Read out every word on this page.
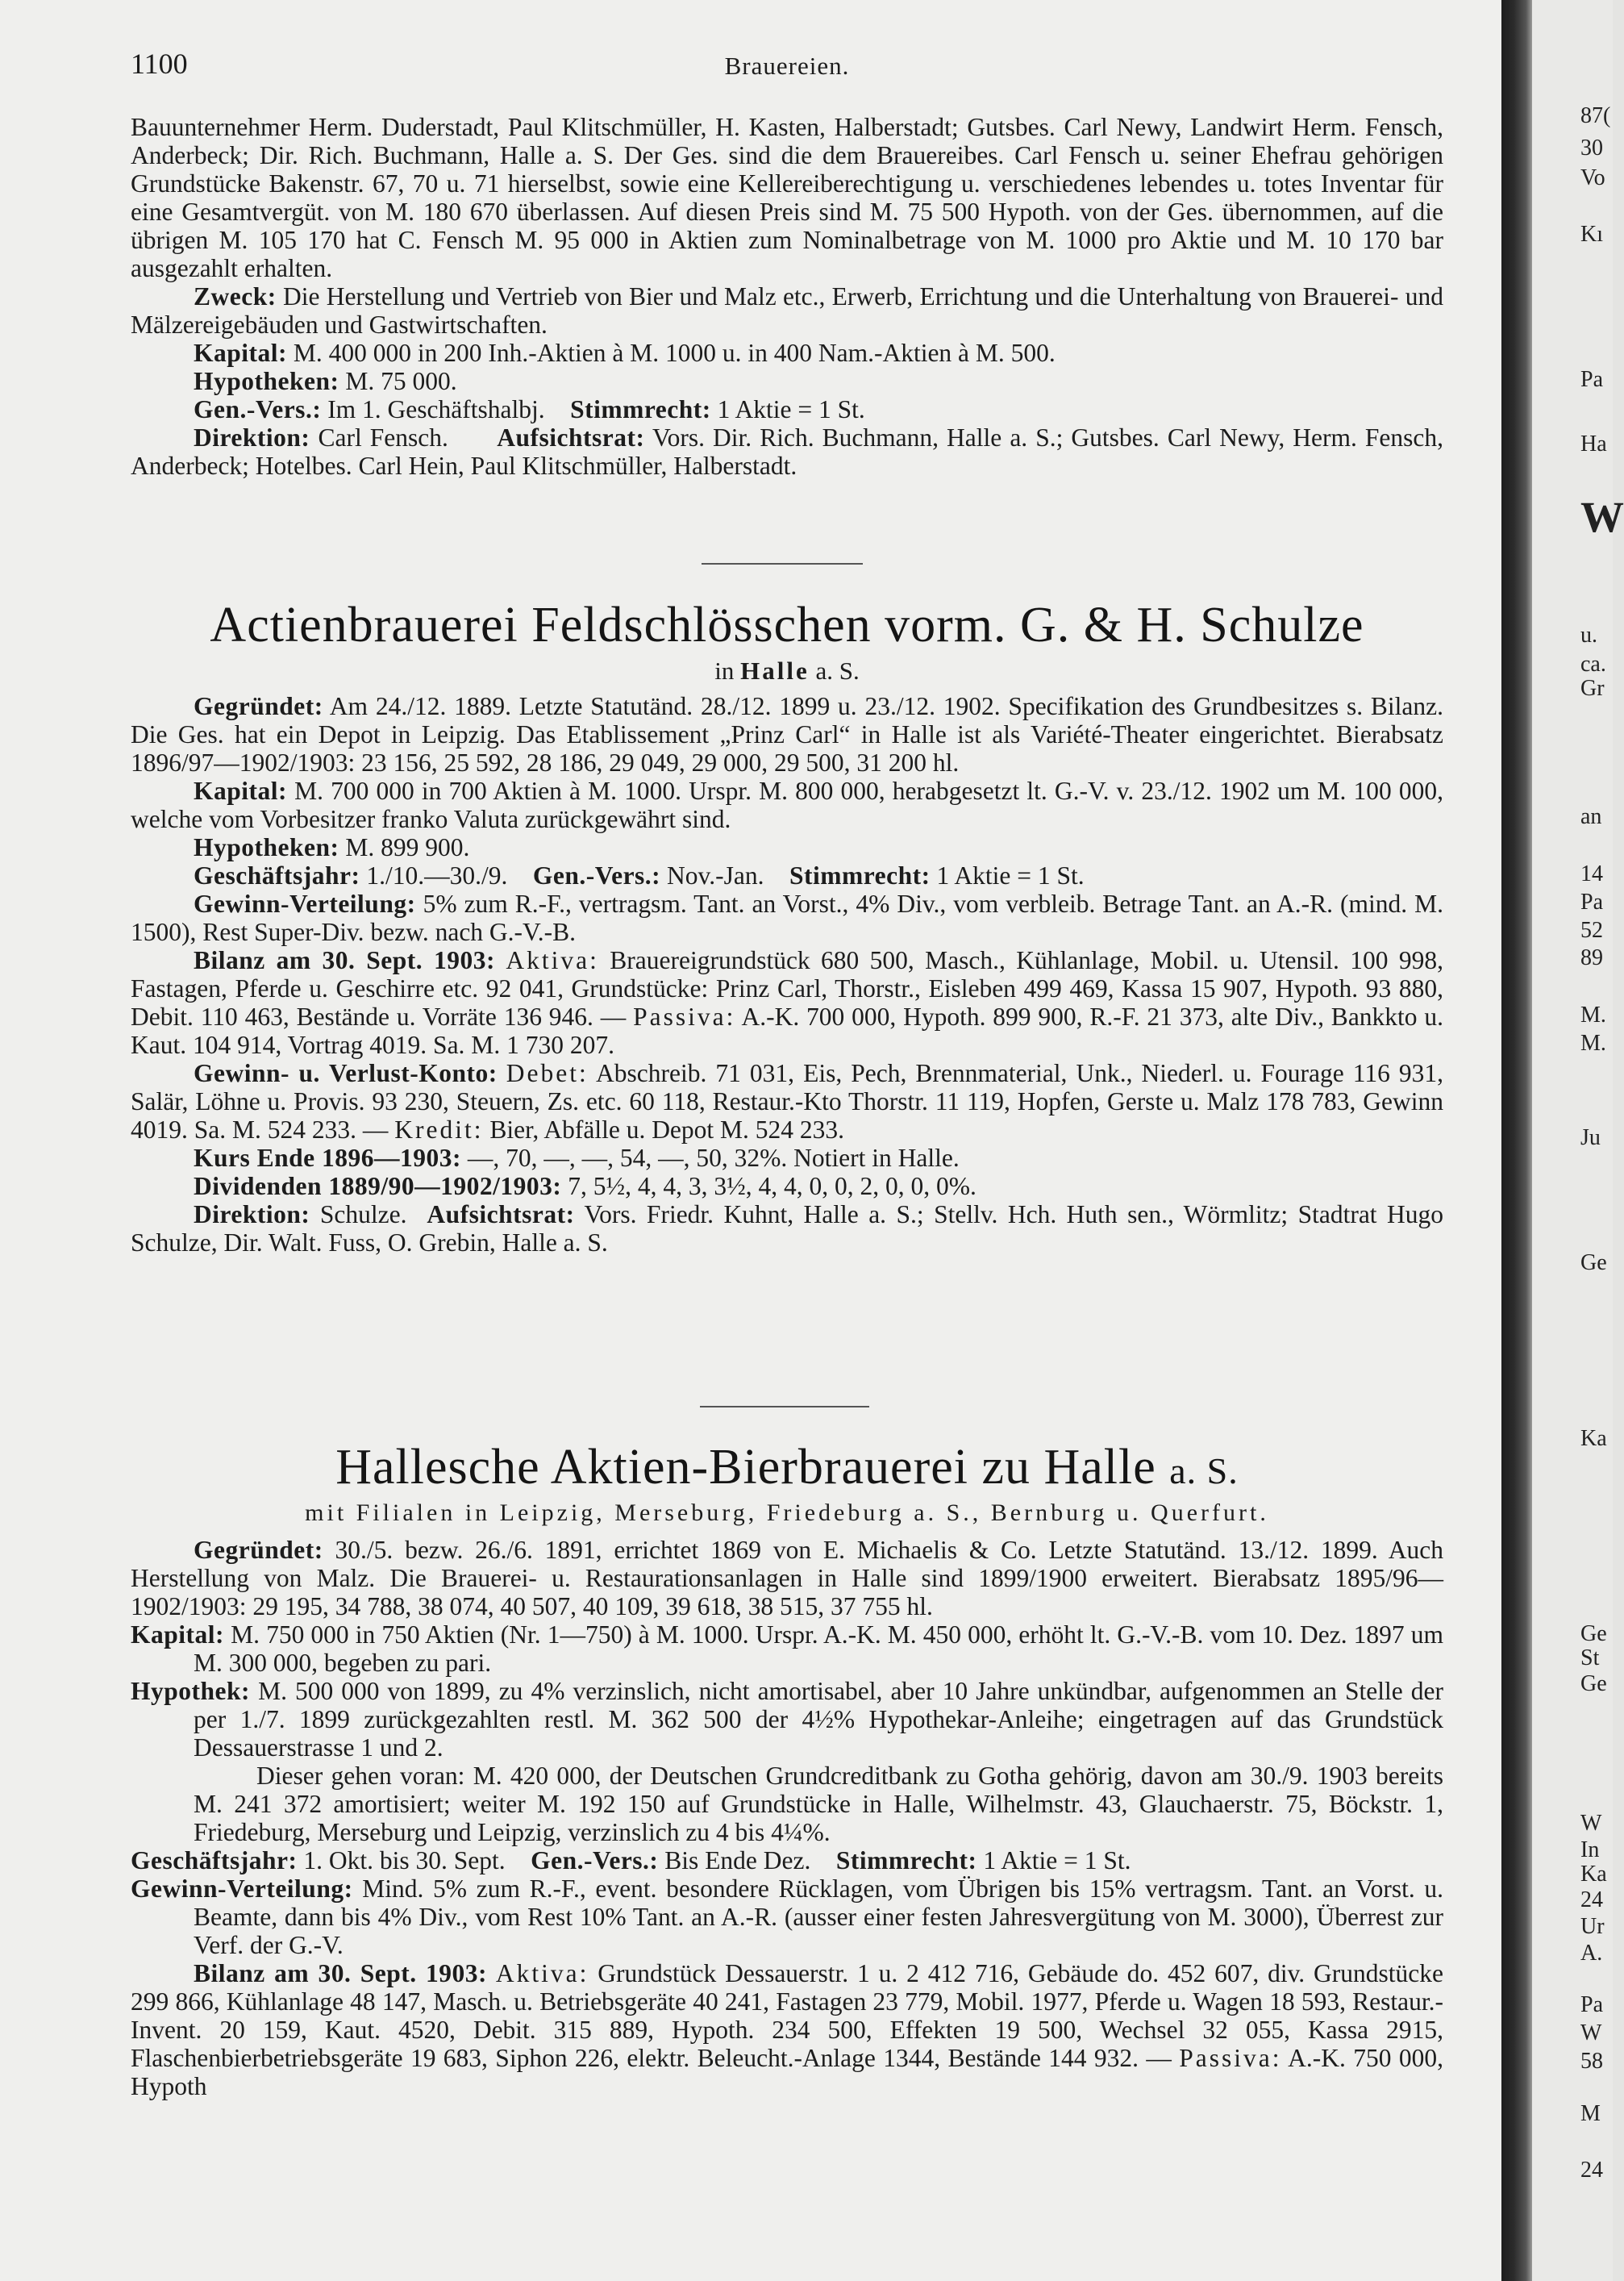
1100	Brauereien.

Bauunternehmer Herm. Duderstadt, Paul Klitschmüller, H. Kasten, Halberstadt; Gutsbes. Carl Newy, Landwirt Herm. Fensch, Anderbeck; Dir. Rich. Buchmann, Halle a. S. Der Ges. sind die dem Brauereibes. Carl Fensch u. seiner Ehefrau gehörigen Grundstücke Bakenstr. 67, 70 u. 71 hierselbst, sowie eine Kellereiberechtigung u. verschiedenes lebendes u. totes Inventar für eine Gesamtvergüt. von M. 180 670 überlassen. Auf diesen Preis sind M. 75 500 Hypoth. von der Ges. übernommen, auf die übrigen M. 105 170 hat C. Fensch M. 95 000 in Aktien zum Nominalbetrage von M. 1000 pro Aktie und M. 10 170 bar ausgezahlt erhalten.

Zweck: Die Herstellung und Vertrieb von Bier und Malz etc., Erwerb, Errichtung und die Unterhaltung von Brauerei- und Mälzereigebäuden und Gastwirtschaften.

Kapital: M. 400 000 in 200 Inh.-Aktien à M. 1000 u. in 400 Nam.-Aktien à M. 500.

Hypotheken: M. 75 000.

Gen.-Vers.: Im 1. Geschäftshalbj. Stimmrecht: 1 Aktie = 1 St.

Direktion: Carl Fensch. Aufsichtsrat: Vors. Dir. Rich. Buchmann, Halle a. S.; Gutsbes. Carl Newy, Herm. Fensch, Anderbeck; Hotelbes. Carl Hein, Paul Klitschmüller, Halberstadt.

Actienbrauerei Feldschlösschen vorm. G. & H. Schulze
in Halle a. S.

Gegründet: Am 24./12. 1889. Letzte Statutänd. 28./12. 1899 u. 23./12. 1902. Specifikation des Grundbesitzes s. Bilanz. Die Ges. hat ein Depot in Leipzig. Das Etablissement „Prinz Carl“ in Halle ist als Variété-Theater eingerichtet. Bierabsatz 1896/97—1902/1903: 23 156, 25 592, 28 186, 29 049, 29 000, 29 500, 31 200 hl.

Kapital: M. 700 000 in 700 Aktien à M. 1000. Urspr. M. 800 000, herabgesetzt lt. G.-V. v. 23./12. 1902 um M. 100 000, welche vom Vorbesitzer franko Valuta zurückgewährt sind.

Hypotheken: M. 899 900.

Geschäftsjahr: 1./10.—30./9. Gen.-Vers.: Nov.-Jan. Stimmrecht: 1 Aktie = 1 St.

Gewinn-Verteilung: 5% zum R.-F., vertragsm. Tant. an Vorst., 4% Div., vom verbleib. Betrage Tant. an A.-R. (mind. M. 1500), Rest Super-Div. bezw. nach G.-V.-B.

Bilanz am 30. Sept. 1903: Aktiva: Brauereigrundstück 680 500, Masch., Kühlanlage, Mobil. u. Utensil. 100 998, Fastagen, Pferde u. Geschirre etc. 92 041, Grundstücke: Prinz Carl, Thorstr., Eisleben 499 469, Kassa 15 907, Hypoth. 93 880, Debit. 110 463, Bestände u. Vorräte 136 946. — Passiva: A.-K. 700 000, Hypoth. 899 900, R.-F. 21 373, alte Div., Bankkto u. Kaut. 104 914, Vortrag 4019. Sa. M. 1 730 207.

Gewinn- u. Verlust-Konto: Debet: Abschreib. 71 031, Eis, Pech, Brennmaterial, Unk., Niederl. u. Fourage 116 931, Salär, Löhne u. Provis. 93 230, Steuern, Zs. etc. 60 118, Restaur.-Kto Thorstr. 11 119, Hopfen, Gerste u. Malz 178 783, Gewinn 4019. Sa. M. 524 233. — Kredit: Bier, Abfälle u. Depot M. 524 233.

Kurs Ende 1896—1903: —, 70, —, —, 54, —, 50, 32%. Notiert in Halle.

Dividenden 1889/90—1902/1903: 7, 5½, 4, 4, 3, 3½, 4, 4, 0, 0, 2, 0, 0, 0%.

Direktion: Schulze. Aufsichtsrat: Vors. Friedr. Kuhnt, Halle a. S.; Stellv. Hch. Huth sen., Wörmlitz; Stadtrat Hugo Schulze, Dir. Walt. Fuss, O. Grebin, Halle a. S.

Hallesche Aktien-Bierbrauerei zu Halle a. S.
mit Filialen in Leipzig, Merseburg, Friedeburg a. S., Bernburg u. Querfurt.

Gegründet: 30./5. bezw. 26./6. 1891, errichtet 1869 von E. Michaelis & Co. Letzte Statutänd. 13./12. 1899. Auch Herstellung von Malz. Die Brauerei- u. Restaurationsanlagen in Halle sind 1899/1900 erweitert. Bierabsatz 1895/96—1902/1903: 29 195, 34 788, 38 074, 40 507, 40 109, 39 618, 38 515, 37 755 hl.

Kapital: M. 750 000 in 750 Aktien (Nr. 1—750) à M. 1000. Urspr. A.-K. M. 450 000, erhöht lt. G.-V.-B. vom 10. Dez. 1897 um M. 300 000, begeben zu pari.

Hypothek: M. 500 000 von 1899, zu 4% verzinslich, nicht amortisabel, aber 10 Jahre unkündbar, aufgenommen an Stelle der per 1./7. 1899 zurückgezahlten restl. M. 362 500 der 4½% Hypothekar-Anleihe; eingetragen auf das Grundstück Dessauerstrasse 1 und 2.

Dieser gehen voran: M. 420 000, der Deutschen Grundcreditbank zu Gotha gehörig, davon am 30./9. 1903 bereits M. 241 372 amortisiert; weiter M. 192 150 auf Grundstücke in Halle, Wilhelmstr. 43, Glauchaerstr. 75, Böckstr. 1, Friedeburg, Merseburg und Leipzig, verzinslich zu 4 bis 4¼%.

Geschäftsjahr: 1. Okt. bis 30. Sept. Gen.-Vers.: Bis Ende Dez. Stimmrecht: 1 Aktie = 1 St.

Gewinn-Verteilung: Mind. 5% zum R.-F., event. besondere Rücklagen, vom Übrigen bis 15% vertragsm. Tant. an Vorst. u. Beamte, dann bis 4% Div., vom Rest 10% Tant. an A.-R. (ausser einer festen Jahresvergütung von M. 3000), Überrest zur Verf. der G.-V.

Bilanz am 30. Sept. 1903: Aktiva: Grundstück Dessauerstr. 1 u. 2 412 716, Gebäude do. 452 607, div. Grundstücke 299 866, Kühlanlage 48 147, Masch. u. Betriebsgeräte 40 241, Fastagen 23 779, Mobil. 1977, Pferde u. Wagen 18 593, Restaur.-Invent. 20 159, Kaut. 4520, Debit. 315 889, Hypoth. 234 500, Effekten 19 500, Wechsel 32 055, Kassa 2915, Flaschenbierbetriebsgeräte 19 683, Siphon 226, elektr. Beleucht.-Anlage 1344, Bestände 144 932. — Passiva: A.-K. 750 000, Hypoth

87(
30
Vo
Kı
Pa
Ha
W
u.
ca.
Gr
an
14
Pa
52
89
M.
M.
Ju
Ge
Ka
Ge
St
Ge
W
In
Ka
24
Ur
A.
Pa
W
58
M
24
